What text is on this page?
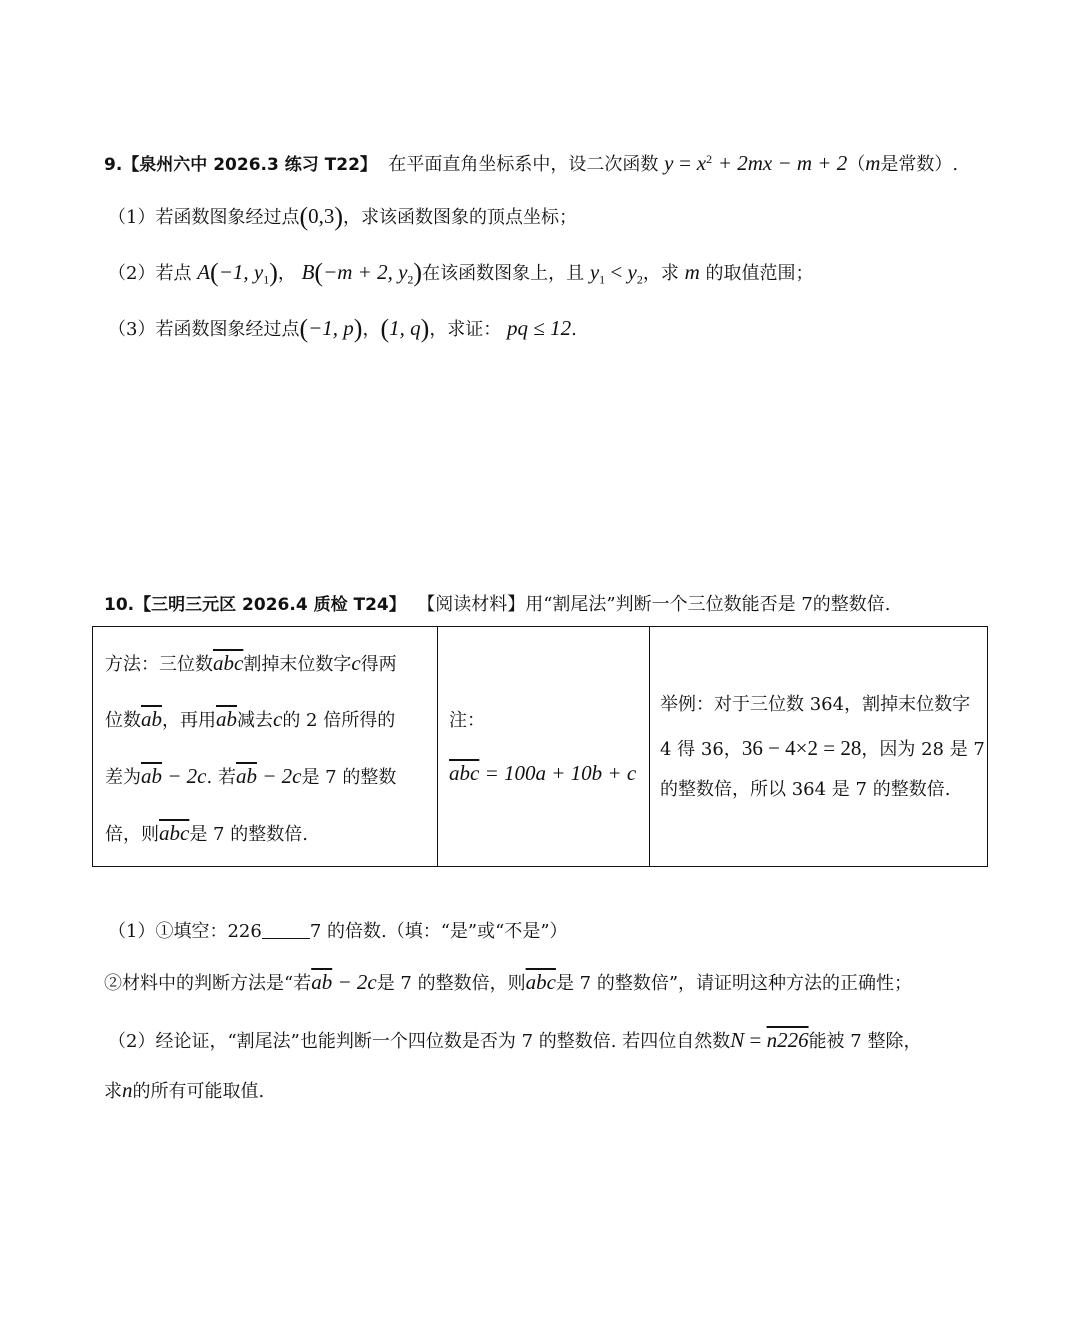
9.【泉州六中 2026.3 练习 T22】 在平面直角坐标系中，设二次函数 $y = x^2 + 2mx - m + 2(m$是常数）.
（1）若函数图象经过点(0,3)，求该函数图象的顶点坐标；
（2）若点 A(−1, $y_1$)， B(−m + 2, $y_2$)在该函数图象上，且 $y_1 < y_2$，求 m 的取值范围；
（3）若函数图象经过点(−1, p)，(1, q)，求证： pq ≤ 12.
10.【三明三元区 2026.4 质检 T24】 【阅读材料】用“割尾法”判断一个三位数能否是 7的整数倍.
方法：三位数$\overline{abc}$割掉末位数字c得两
位数$\overline{ab}$，再用$\overline{ab}$减去c的 2 倍所得的
差为$\overline{ab} - 2c$. 若$\overline{ab} - 2c$是 7 的整数
倍，则$\overline{abc}$是 7 的整数倍.
注：
$\overline{abc} = 100a + 10b + c$
举例：对于三位数 364，割掉末位数字
4 得 36，36 − 4×2 = 28，因为 28 是 7
的整数倍，所以 364 是 7 的整数倍.
（1）①填空：226	7 的倍数.（填：“是”或“不是”）
②材料中的判断方法是“若$\overline{ab} - 2c$是 7 的整数倍，则$\overline{abc}$是 7 的整数倍”，请证明这种方法的正确性；
（2）经论证，“割尾法”也能判断一个四位数是否为 7 的整数倍. 若四位自然数N = n226能被 7 整除，
求n的所有可能取值.
